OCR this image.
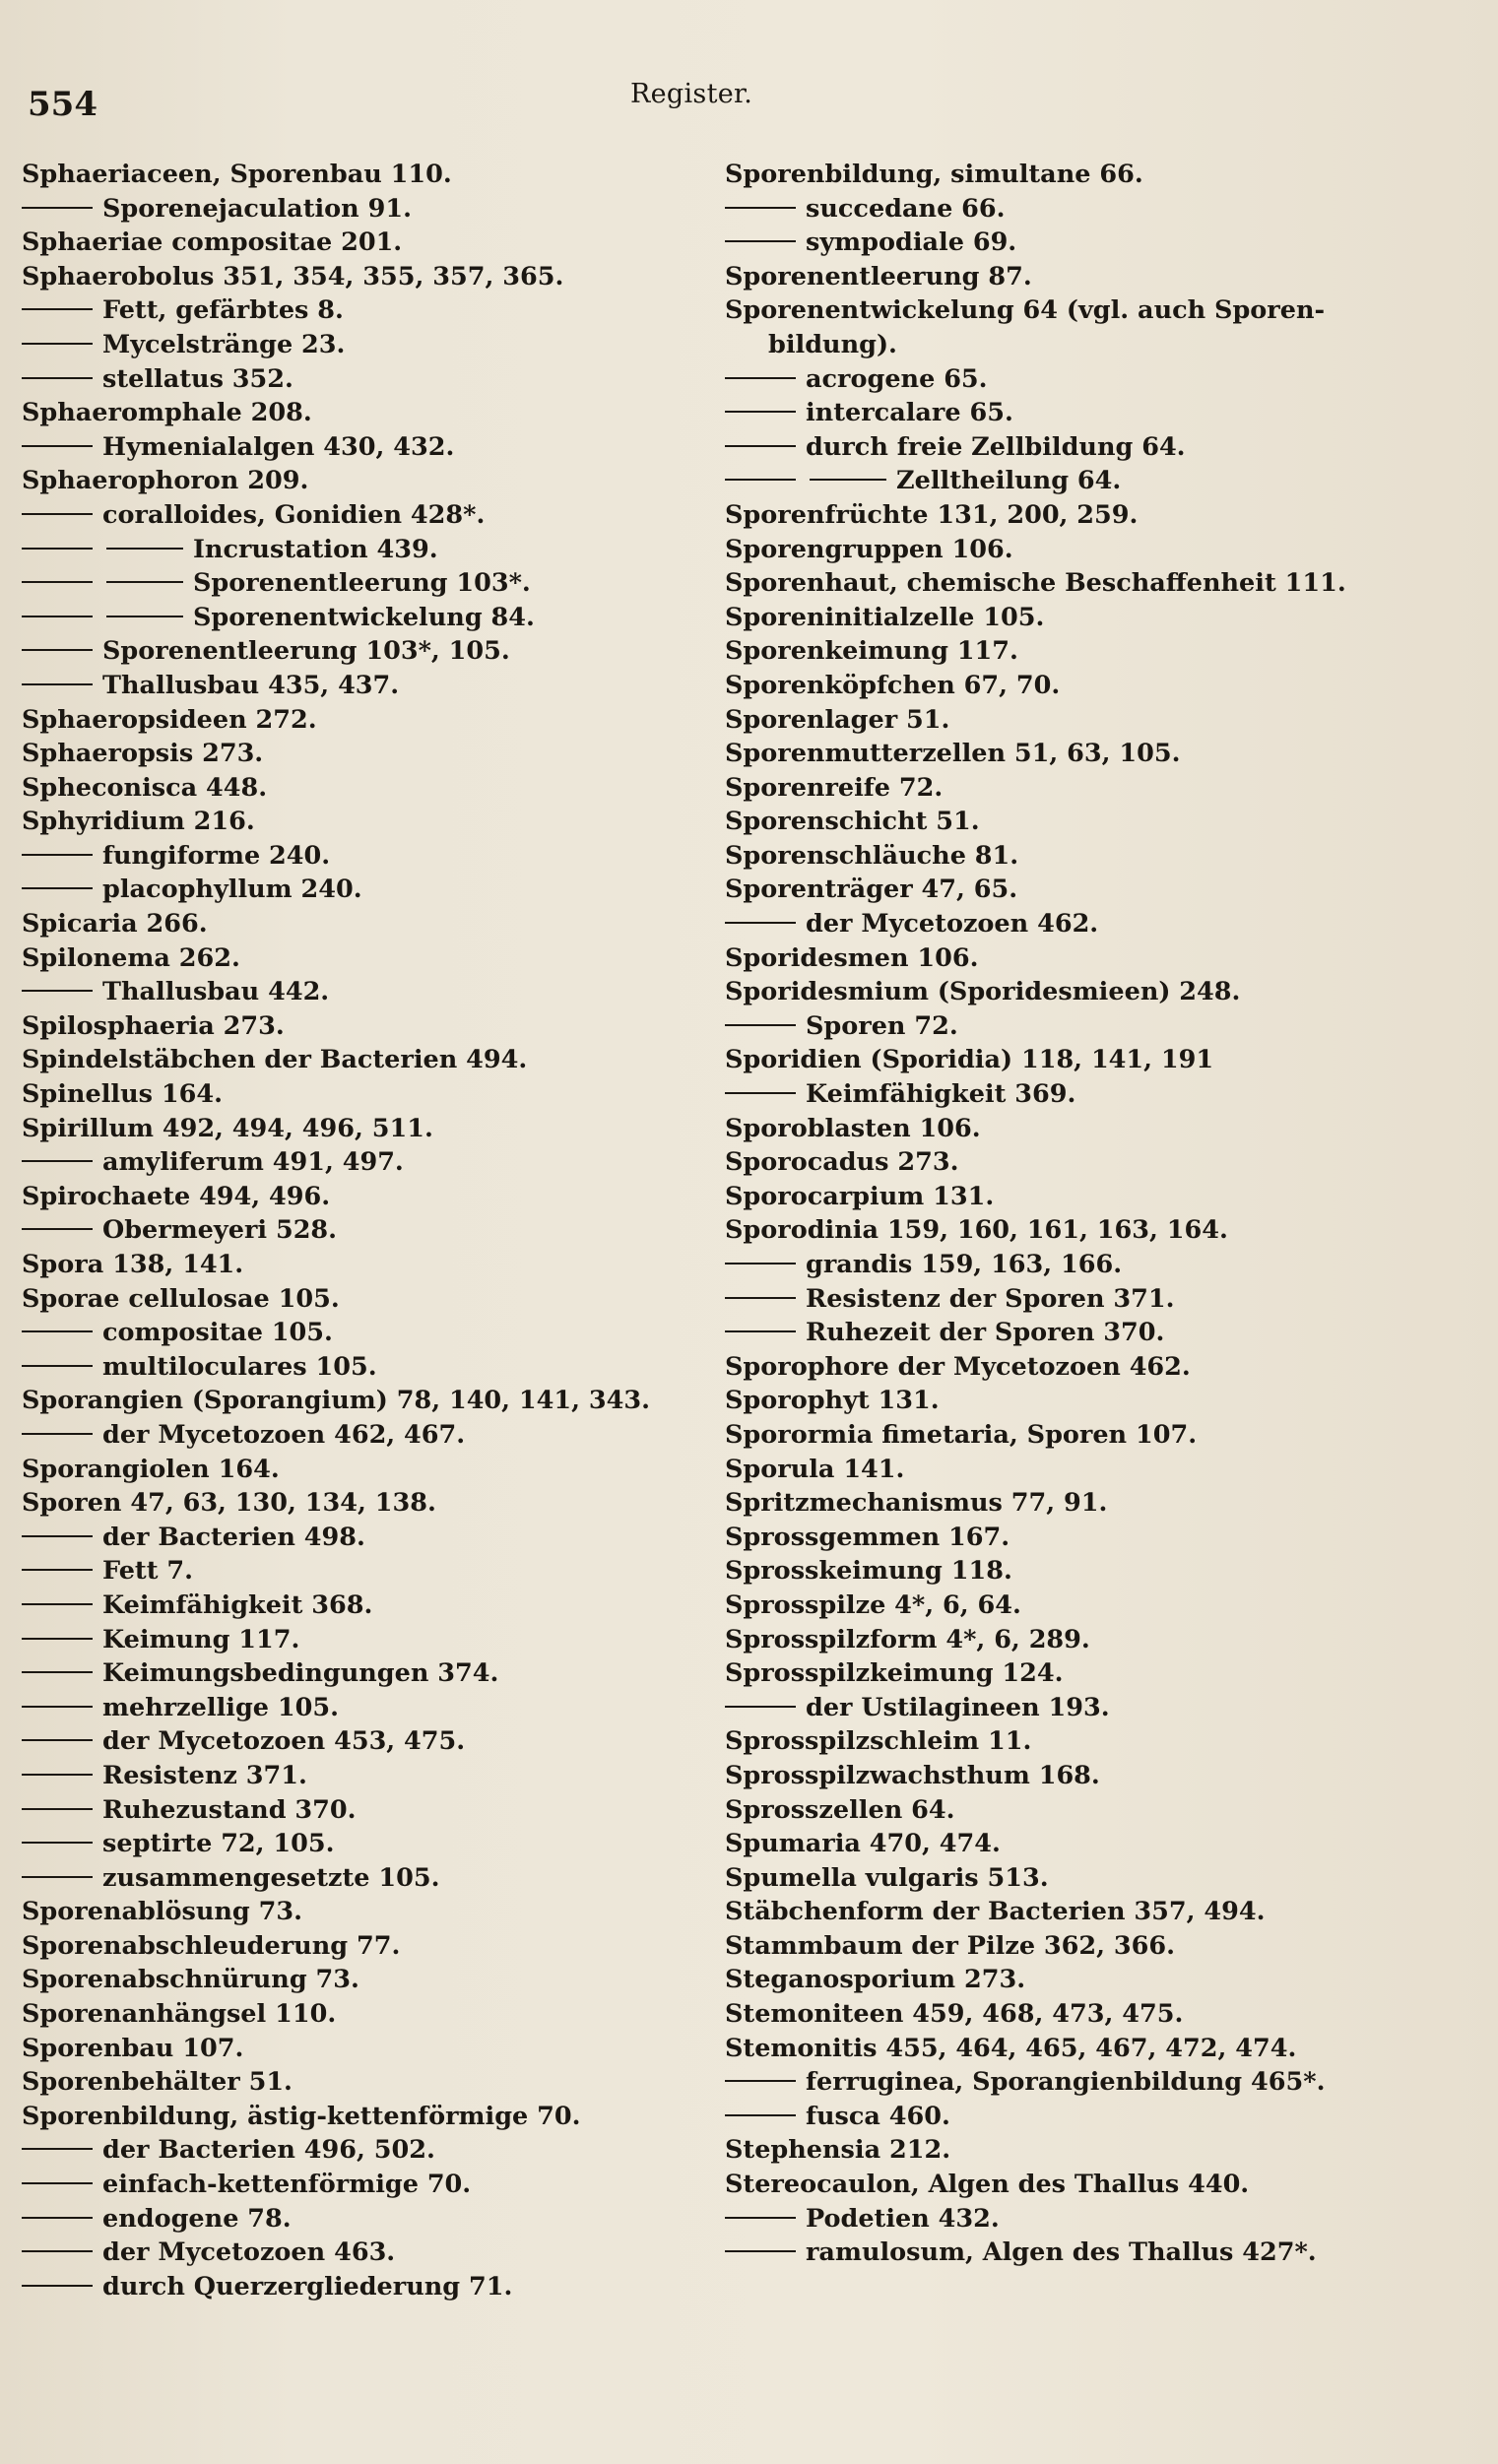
554	Register.
Sphaeriaceen, Sporenbau 110.
Sporenejaculation 91.
Sphaeriae compositae 201.
Sphaerobolus 351, 354, 355, 357, 365.
Fett, gefärbtes 8.
Mycelstränge 23.
stellatus 352.
Sphaeromphale 208.
Hymenialalgen 430, 432.
Sphaerophoron 209.
coralloides, Gonidien 428*.
Incrustation 439.
Sporenentleerung 103*.
Sporenentwickelung 84.
Sporenentleerung 103*, 105.
Thallusbau 435, 437.
Sphaeropsideen 272.
Sphaeropsis 273.
Spheconisca 448.
Sphyridium 216.
fungiforme 240.
placophyllum 240.
Spicaria 266.
Spilonema 262.
Thallusbau 442.
Spilosphaeria 273.
Spindelstäbchen der Bacterien 494.
Spinellus 164.
Spirillum 492, 494, 496, 511.
amyliferum 491, 497.
Spirochaete 494, 496.
Obermeyeri 528.
Spora 138, 141.
Sporae cellulosae 105.
compositae 105.
multiloculares 105.
Sporangien (Sporangium) 78, 140, 141, 343.
der Mycetozoen 462, 467.
Sporangiolen 164.
Sporen 47, 63, 130, 134, 138.
der Bacterien 498.
Fett 7.
Keimfähigkeit 368.
Keimung 117.
Keimungsbedingungen 374.
mehrzellige 105.
der Mycetozoen 453, 475.
Resistenz 371.
Ruhezustand 370.
septirte 72, 105.
zusammengesetzte 105.
Sporenablösung 73.
Sporenabschleuderung 77.
Sporenabschnürung 73.
Sporenanhängsel 110.
Sporenbau 107.
Sporenbehälter 51.
Sporenbildung, ästig-kettenförmige 70.
der Bacterien 496, 502.
einfach-kettenförmige 70.
endogene 78.
der Mycetozoen 463.
durch Querzergliederung 71.
Sporenbildung, simultane 66.
succedane 66.
sympodiale 69.
Sporenentleerung 87.
Sporenentwickelung 64 (vgl. auch Sporen-
bildung).
acrogene 65.
intercalare 65.
durch freie Zellbildung 64.
Zelltheilung 64.
Sporenfrüchte 131, 200, 259.
Sporengruppen 106.
Sporenhaut, chemische Beschaffenheit 111.
Sporeninitialzelle 105.
Sporenkeimung 117.
Sporenköpfchen 67, 70.
Sporenlager 51.
Sporenmutterzellen 51, 63, 105.
Sporenreife 72.
Sporenschicht 51.
Sporenschläuche 81.
Sporenträger 47, 65.
der Mycetozoen 462.
Sporidesmen 106.
Sporidesmium (Sporidesmieen) 248.
Sporen 72.
Sporidien (Sporidia) 118, 141, 191
Keimfähigkeit 369.
Sporoblasten 106.
Sporocadus 273.
Sporocarpium 131.
Sporodinia 159, 160, 161, 163, 164.
grandis 159, 163, 166.
Resistenz der Sporen 371.
Ruhezeit der Sporen 370.
Sporophore der Mycetozoen 462.
Sporophyt 131.
Sporormia fimetaria, Sporen 107.
Sporula 141.
Spritzmechanismus 77, 91.
Sprossgemmen 167.
Sprosskeimung 118.
Sprosspilze 4*, 6, 64.
Sprosspilzform 4*, 6, 289.
Sprosspilzkeimung 124.
der Ustilagineen 193.
Sprosspilzschleim 11.
Sprosspilzwachsthum 168.
Sprosszellen 64.
Spumaria 470, 474.
Spumella vulgaris 513.
Stäbchenform der Bacterien 357, 494.
Stammbaum der Pilze 362, 366.
Steganosporium 273.
Stemoniteen 459, 468, 473, 475.
Stemonitis 455, 464, 465, 467, 472, 474.
ferruginea, Sporangienbildung 465*.
fusca 460.
Stephensia 212.
Stereocaulon, Algen des Thallus 440.
Podetien 432.
ramulosum, Algen des Thallus 427*.
